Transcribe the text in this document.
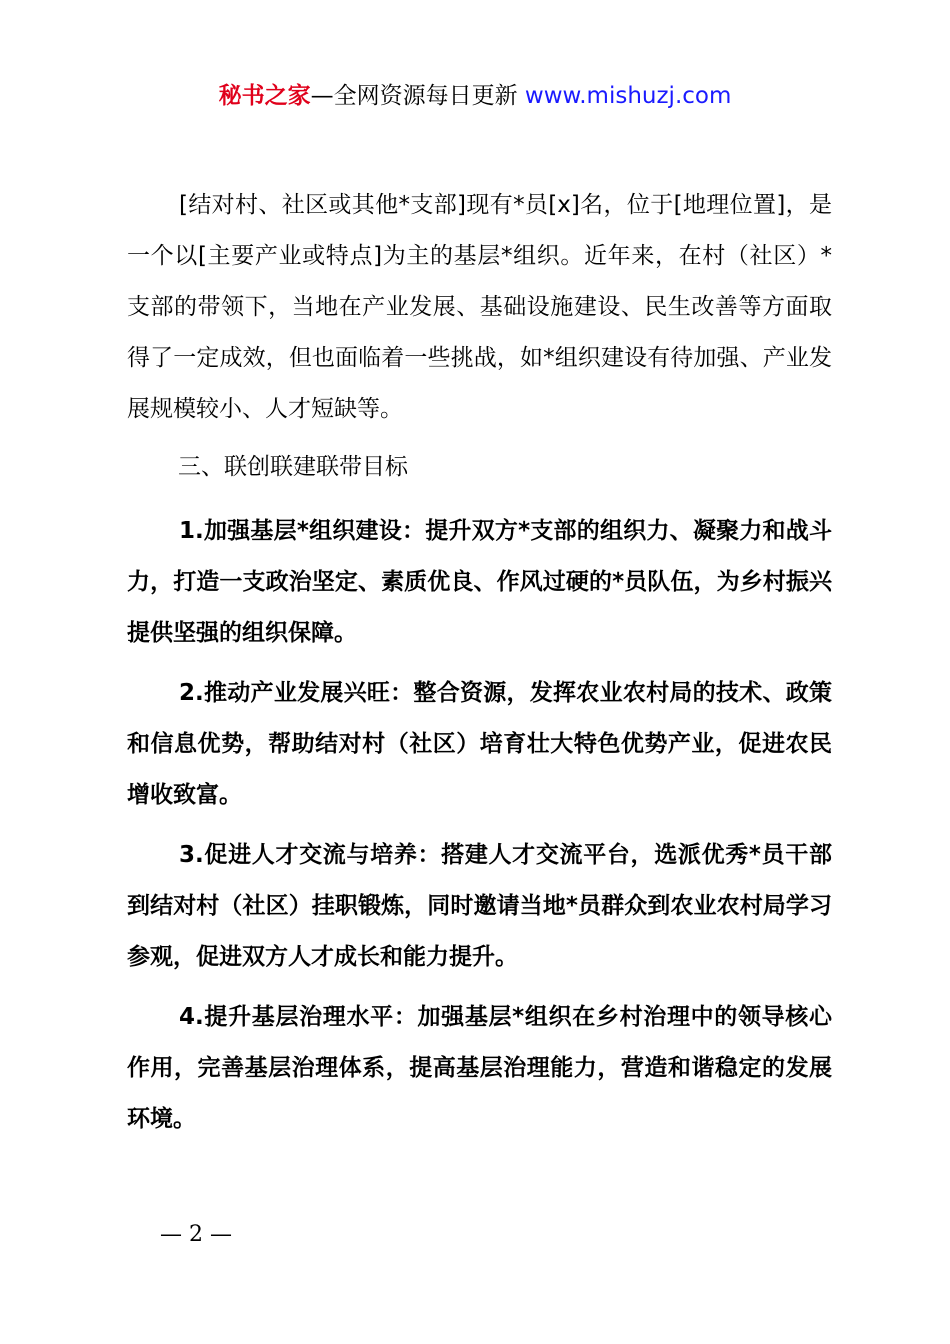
秘书之家—全网资源每日更新 www.mishuzj.com
[结对村、社区或其他*支部]现有*员[x]名，位于[地理位置]，是一个以[主要产业或特点]为主的基层*组织。近年来，在村（社区）*支部的带领下，当地在产业发展、基础设施建设、民生改善等方面取得了一定成效，但也面临着一些挑战，如*组织建设有待加强、产业发展规模较小、人才短缺等。
三、联创联建联带目标
1.加强基层*组织建设：提升双方*支部的组织力、凝聚力和战斗力，打造一支政治坚定、素质优良、作风过硬的*员队伍，为乡村振兴提供坚强的组织保障。
2.推动产业发展兴旺：整合资源，发挥农业农村局的技术、政策和信息优势，帮助结对村（社区）培育壮大特色优势产业，促进农民增收致富。
3.促进人才交流与培养：搭建人才交流平台，选派优秀*员干部到结对村（社区）挂职锻炼，同时邀请当地*员群众到农业农村局学习参观，促进双方人才成长和能力提升。
4.提升基层治理水平：加强基层*组织在乡村治理中的领导核心作用，完善基层治理体系，提高基层治理能力，营造和谐稳定的发展环境。
— 2 —
